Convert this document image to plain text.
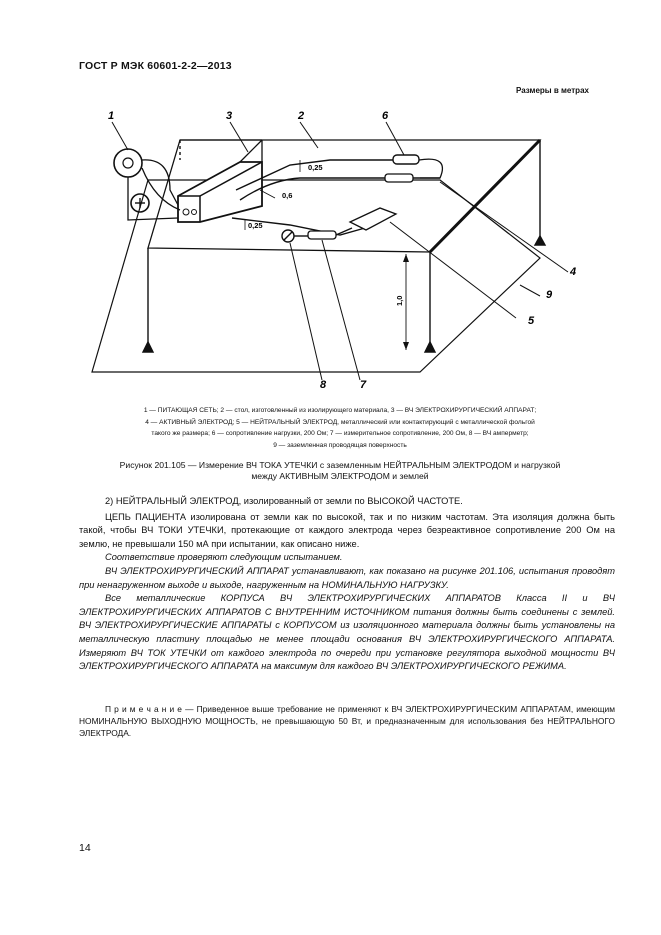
ГОСТ Р МЭК 60601-2-2—2013
Размеры в метрах
1	3	2	6
4
9
5
8	7
0,25
0,6
0,25
1,0
1 — ПИТАЮЩАЯ СЕТЬ; 2 — стол, изготовленный из изолирующего материала, 3 — ВЧ ЭЛЕКТРОХИРУРГИЧЕСКИЙ АППАРАТ;
4 — АКТИВНЫЙ ЭЛЕКТРОД; 5 — НЕЙТРАЛЬНЫЙ ЭЛЕКТРОД, металлический или контактирующий с металлической фольгой
такого же размера; 6 — сопротивление нагрузки, 200 Ом; 7 — измерительное сопротивление, 200 Ом, 8 — ВЧ амперметр;
9 — заземленная проводящая поверхность
Рисунок 201.105 — Измерение ВЧ ТОКА УТЕЧКИ с заземленным НЕЙТРАЛЬНЫМ ЭЛЕКТРОДОМ и нагрузкой
между АКТИВНЫМ ЭЛЕКТРОДОМ и землей

2) НЕЙТРАЛЬНЫЙ ЭЛЕКТРОД, изолированный от земли по ВЫСОКОЙ ЧАСТОТЕ.

ЦЕПЬ ПАЦИЕНТА изолирована от земли как по высокой, так и по низким частотам. Эта изоляция должна быть такой, чтобы ВЧ ТОКИ УТЕЧКИ, протекающие от каждого электрода через безреактивное сопротивление 200 Ом на землю, не превышали 150 мА при испытании, как описано ниже.

Соответствие проверяют следующим испытанием.

ВЧ ЭЛЕКТРОХИРУРГИЧЕСКИЙ АППАРАТ устанавливают, как показано на рисунке 201.106, испытания проводят при ненагруженном выходе и выходе, нагруженным на НОМИНАЛЬНУЮ НАГРУЗКУ.

Все металлические КОРПУСА ВЧ ЭЛЕКТРОХИРУРГИЧЕСКИХ АППАРАТОВ Класса II и ВЧ ЭЛЕКТРОХИРУРГИЧЕСКИХ АППАРАТОВ С ВНУТРЕННИМ ИСТОЧНИКОМ питания должны быть соединены с землей. ВЧ ЭЛЕКТРОХИРУРГИЧЕСКИЕ АППАРАТЫ с КОРПУСОМ из изоляционного материала должны быть установлены на металлическую пластину площадью не менее площади основания ВЧ ЭЛЕКТРОХИРУРГИЧЕСКОГО АППАРАТА. Измеряют ВЧ ТОК УТЕЧКИ от каждого электрода по очереди при установке регулятора выходной мощности ВЧ ЭЛЕКТРОХИРУРГИЧЕСКОГО АППАРАТА на максимум для каждого ВЧ ЭЛЕКТРОХИРУРГИЧЕСКОГО РЕЖИМА.

П р и м е ч а н и е — Приведенное выше требование не применяют к ВЧ ЭЛЕКТРОХИРУРГИЧЕСКИМ АППАРАТАМ, имеющим НОМИНАЛЬНУЮ ВЫХОДНУЮ МОЩНОСТЬ, не превышающую 50 Вт, и предназначенным для использования без НЕЙТРАЛЬНОГО ЭЛЕКТРОДА.
14
